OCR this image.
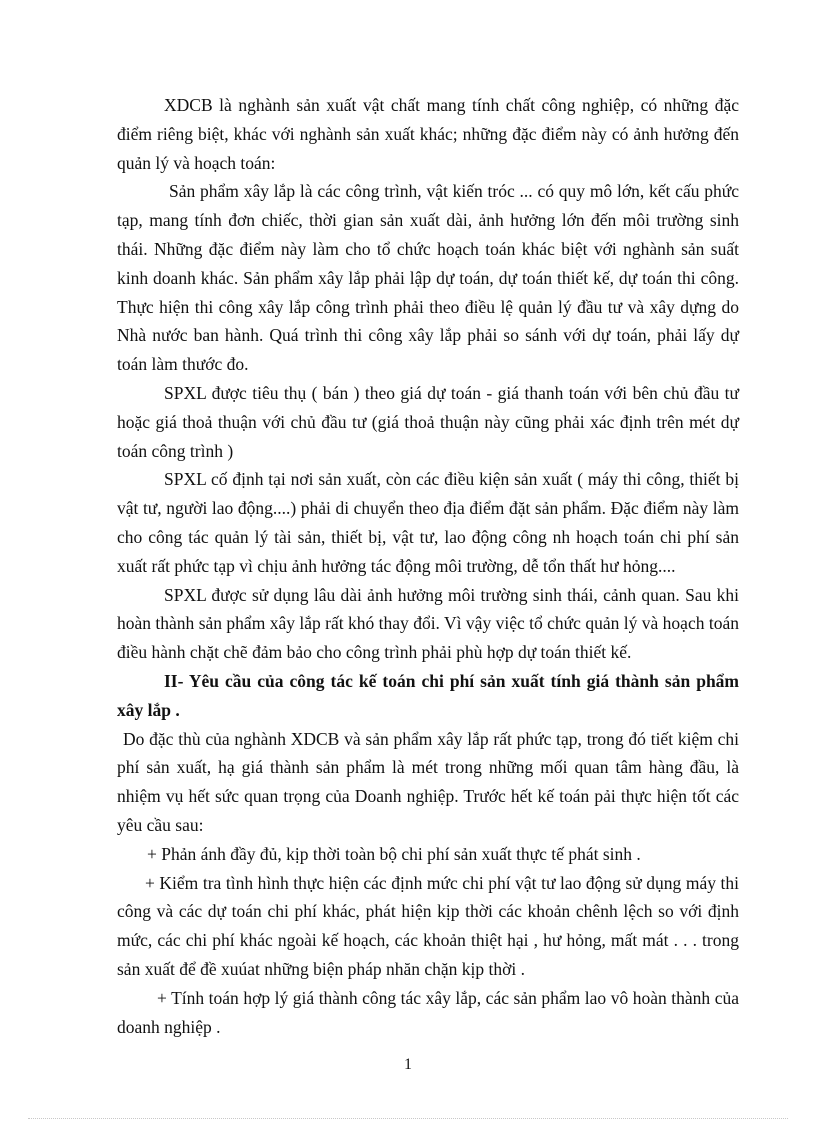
XDCB là nghành sản xuất vật chất mang tính chất công nghiệp, có những đặc điểm riêng biệt, khác với nghành sản xuất khác; những đặc điểm này có ảnh hưởng đến quản lý và hoạch toán:

Sản phẩm xây lắp là các công trình, vật kiến tróc ... có quy mô lớn, kết cấu phức tạp, mang tính đơn chiếc, thời gian sản xuất dài, ảnh hưởng lớn đến môi trường sinh thái. Những đặc điểm này làm cho tổ chức hoạch toán khác biệt với nghành sản suất kinh doanh khác. Sản phẩm xây lắp phải lập dự toán, dự toán thiết kế, dự toán thi công. Thực hiện thi công xây lắp công trình phải theo điều lệ quản lý đầu tư và xây dựng do Nhà nước ban hành. Quá trình thi công xây lắp phải so sánh với dự toán, phải lấy dự toán làm thước đo.

SPXL được tiêu thụ ( bán ) theo giá dự toán - giá thanh toán với bên chủ đầu tư hoặc giá thoả thuận với chủ đầu tư (giá thoả thuận này cũng phải xác định trên mét dự toán công trình )

SPXL cố định tại nơi sản xuất, còn các điều kiện sản xuất ( máy thi công, thiết bị vật tư, người lao động....) phải di chuyển theo địa điểm đặt sản phẩm. Đặc điểm này làm cho công tác quản lý tài sản, thiết bị, vật tư, lao động công nh hoạch toán chi phí sản xuất rất phức tạp vì chịu ảnh hưởng tác động môi trường, dễ tổn thất hư hỏng....

SPXL được sử dụng lâu dài ảnh hưởng môi trường sinh thái, cảnh quan. Sau khi hoàn thành sản phẩm xây lắp rất khó thay đổi. Vì vậy việc tổ chức quản lý và hoạch toán điều hành chặt chẽ đảm bảo cho công trình phải phù hợp dự toán thiết kế.

II- Yêu cầu của công tác kế toán chi phí sản xuất tính giá thành sản phẩm xây lắp .

Do đặc thù của nghành XDCB và sản phẩm xây lắp rất phức tạp, trong đó tiết kiệm chi phí sản xuất, hạ giá thành sản phẩm là mét trong những mối quan tâm hàng đầu, là nhiệm vụ hết sức quan trọng của Doanh nghiệp. Trước hết kế toán pải thực hiện tốt các yêu cầu sau:

+ Phản ánh đầy đủ, kịp thời toàn bộ chi phí sản xuất thực tế phát sinh .

+ Kiểm tra tình hình thực hiện các định mức chi phí vật tư lao động sử dụng máy thi công và các dự toán chi phí khác, phát hiện kịp thời các khoản chênh lệch so với định mức, các chi phí khác ngoài kế hoạch, các khoản thiệt hại , hư hỏng, mất mát . . . trong sản xuất để đề xuúat những biện pháp nhăn chặn kịp thời .

+ Tính toán hợp lý giá thành công tác xây lắp, các sản phẩm lao vô hoàn thành của doanh nghiệp .

1
